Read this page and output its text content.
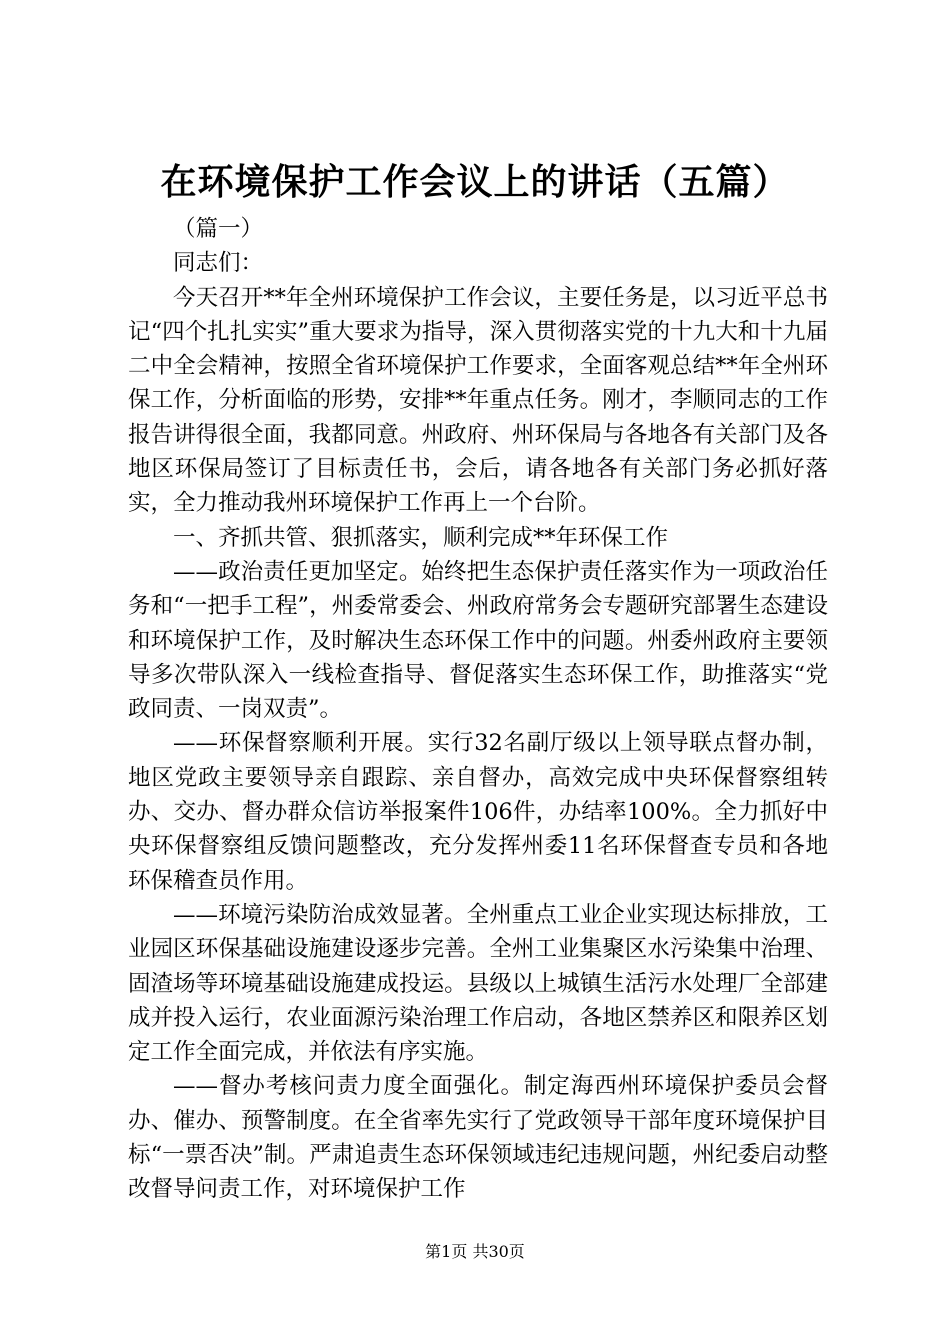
在环境保护工作会议上的讲话（五篇）

（篇一）

同志们：

今天召开**年全州环境保护工作会议，主要任务是，以习近平总书记“四个扎扎实实”重大要求为指导，深入贯彻落实党的十九大和十九届二中全会精神，按照全省环境保护工作要求，全面客观总结**年全州环保工作，分析面临的形势，安排**年重点任务。刚才，李顺同志的工作报告讲得很全面，我都同意。州政府、州环保局与各地各有关部门及各地区环保局签订了目标责任书，会后，请各地各有关部门务必抓好落实，全力推动我州环境保护工作再上一个台阶。

一、齐抓共管、狠抓落实，顺利完成**年环保工作

——政治责任更加坚定。始终把生态保护责任落实作为一项政治任务和“一把手工程”，州委常委会、州政府常务会专题研究部署生态建设和环境保护工作，及时解决生态环保工作中的问题。州委州政府主要领导多次带队深入一线检查指导、督促落实生态环保工作，助推落实“党政同责、一岗双责”。

——环保督察顺利开展。实行32名副厅级以上领导联点督办制，地区党政主要领导亲自跟踪、亲自督办，高效完成中央环保督察组转办、交办、督办群众信访举报案件106件，办结率100%。全力抓好中央环保督察组反馈问题整改，充分发挥州委11名环保督查专员和各地环保稽查员作用。

——环境污染防治成效显著。全州重点工业企业实现达标排放，工业园区环保基础设施建设逐步完善。全州工业集聚区水污染集中治理、固渣场等环境基础设施建成投运。县级以上城镇生活污水处理厂全部建成并投入运行，农业面源污染治理工作启动，各地区禁养区和限养区划定工作全面完成，并依法有序实施。

——督办考核问责力度全面强化。制定海西州环境保护委员会督办、催办、预警制度。在全省率先实行了党政领导干部年度环境保护目标“一票否决”制。严肃追责生态环保领域违纪违规问题，州纪委启动整改督导问责工作，对环境保护工作

第1页 共30页
